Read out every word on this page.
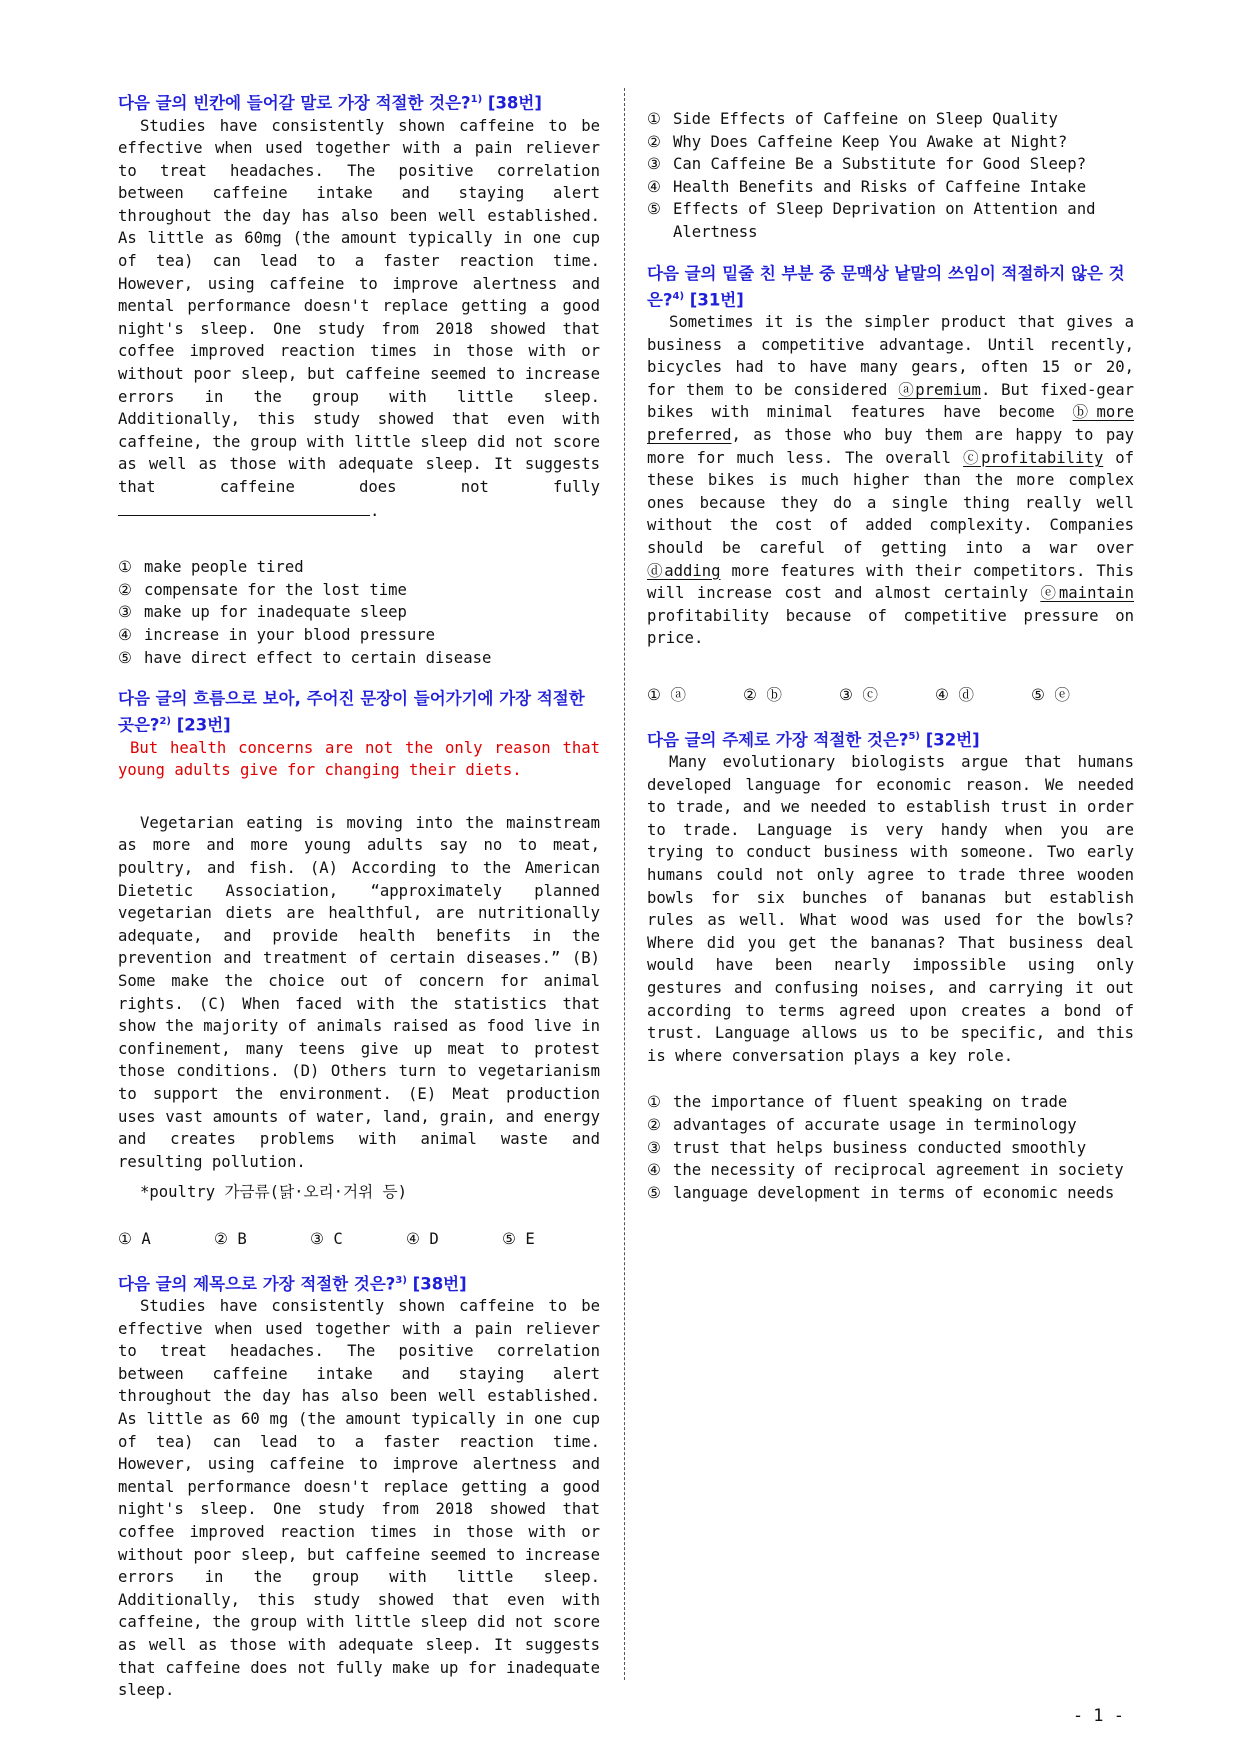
다음 글의 빈칸에 들어갈 말로 가장 적절한 것은?$^{1)}$ [38번]

Studies have consistently shown caffeine to be effective when used together with a pain reliever to treat headaches. The positive correlation between caffeine intake and staying alert throughout the day has also been well established. As little as 60mg (the amount typically in one cup of tea) can lead to a faster reaction time. However, using caffeine to improve alertness and mental performance doesn't replace getting a good night's sleep. One study from 2018 showed that coffee improved reaction times in those with or without poor sleep, but caffeine seemed to increase errors in the group with little sleep. Additionally, this study showed that even with caffeine, the group with little sleep did not score as well as those with adequate sleep. It suggests that caffeine does not fully .

① make people tired
② compensate for the lost time
③ make up for inadequate sleep
④ increase in your blood pressure
⑤ have direct effect to certain disease

다음 글의 흐름으로 보아, 주어진 문장이 들어가기에 가장 적절한 곳은?$^{2)}$ [23번]

But health concerns are not the only reason that young adults give for changing their diets.

Vegetarian eating is moving into the mainstream as more and more young adults say no to meat, poultry, and fish. (A) According to the American Dietetic Association, “approximately planned vegetarian diets are healthful, are nutritionally adequate, and provide health benefits in the prevention and treatment of certain diseases.” (B) Some make the choice out of concern for animal rights. (C) When faced with the statistics that show the majority of animals raised as food live in confinement, many teens give up meat to protest those conditions. (D) Others turn to vegetarianism to support the environment. (E) Meat production uses vast amounts of water, land, grain, and energy and creates problems with animal waste and resulting pollution.

*poultry 가금류(닭·오리·거위 등)

① A	② B	③ C	④ D	⑤ E

다음 글의 제목으로 가장 적절한 것은?$^{3)}$ [38번]

Studies have consistently shown caffeine to be effective when used together with a pain reliever to treat headaches. The positive correlation between caffeine intake and staying alert throughout the day has also been well established. As little as 60 mg (the amount typically in one cup of tea) can lead to a faster reaction time. However, using caffeine to improve alertness and mental performance doesn't replace getting a good night's sleep. One study from 2018 showed that coffee improved reaction times in those with or without poor sleep, but caffeine seemed to increase errors in the group with little sleep. Additionally, this study showed that even with caffeine, the group with little sleep did not score as well as those with adequate sleep. It suggests that caffeine does not fully make up for inadequate sleep.

① Side Effects of Caffeine on Sleep Quality
② Why Does Caffeine Keep You Awake at Night?
③ Can Caffeine Be a Substitute for Good Sleep?
④ Health Benefits and Risks of Caffeine Intake
⑤ Effects of Sleep Deprivation on Attention and Alertness

다음 글의 밑줄 친 부분 중 문맥상 낱말의 쓰임이 적절하지 않은 것은?$^{4)}$ [31번]

Sometimes it is the simpler product that gives a business a competitive advantage. Until recently, bicycles had to have many gears, often 15 or 20, for them to be considered ⓐpremium. But fixed-gear bikes with minimal features have become ⓑmore preferred, as those who buy them are happy to pay more for much less. The overall ⓒprofitability of these bikes is much higher than the more complex ones because they do a single thing really well without the cost of added complexity. Companies should be careful of getting into a war over ⓓadding more features with their competitors. This will increase cost and almost certainly ⓔmaintain profitability because of competitive pressure on price.

① ⓐ	② ⓑ	③ ⓒ	④ ⓓ	⑤ ⓔ

다음 글의 주제로 가장 적절한 것은?$^{5)}$ [32번]

Many evolutionary biologists argue that humans developed language for economic reason. We needed to trade, and we needed to establish trust in order to trade. Language is very handy when you are trying to conduct business with someone. Two early humans could not only agree to trade three wooden bowls for six bunches of bananas but establish rules as well. What wood was used for the bowls? Where did you get the bananas? That business deal would have been nearly impossible using only gestures and confusing noises, and carrying it out according to terms agreed upon creates a bond of trust. Language allows us to be specific, and this is where conversation plays a key role.

① the importance of fluent speaking on trade
② advantages of accurate usage in terminology
③ trust that helps business conducted smoothly
④ the necessity of reciprocal agreement in society
⑤ language development in terms of economic needs
- 1 -
